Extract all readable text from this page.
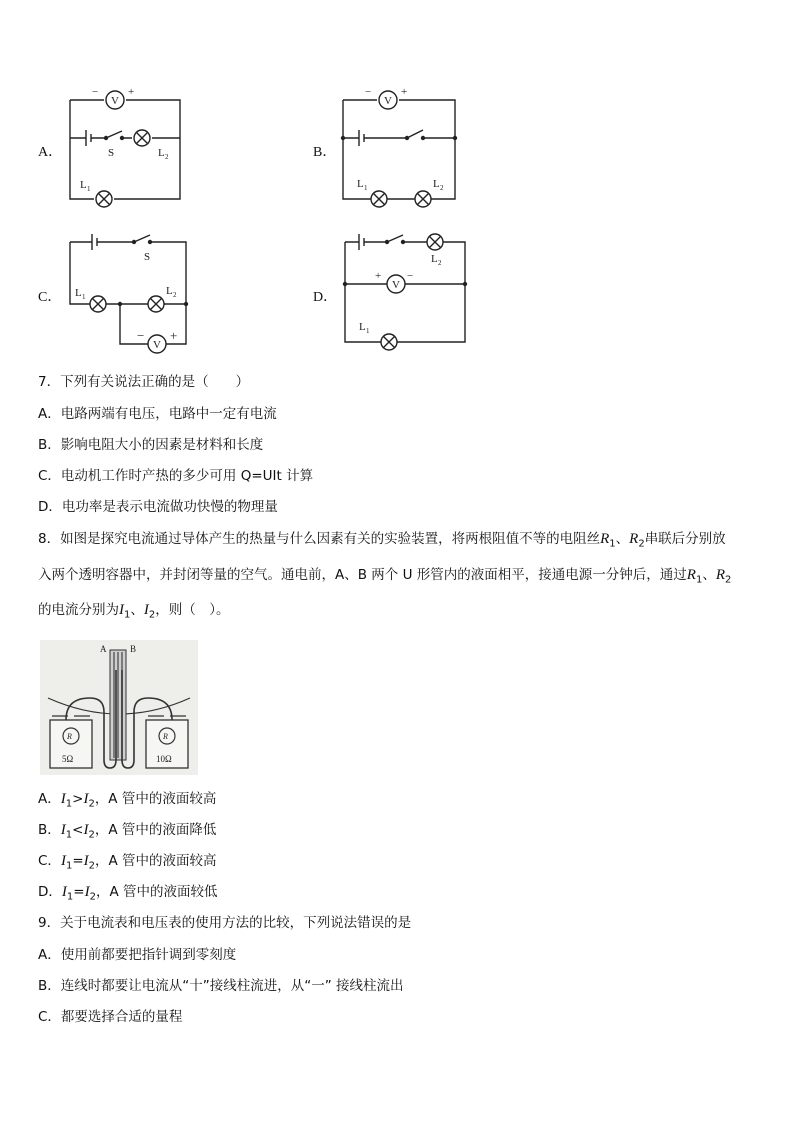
A．	B．
C．	D．
V
−	+
S	L 2
L 1
V
−	+
L 1	L 2
S
L 1	L 2
V
− +
L 2
V
+ −
L 1
7．下列有关说法正确的是（　　）
A．电路两端有电压，电路中一定有电流
B．影响电阻大小的因素是材料和长度
C．电动机工作时产热的多少可用 Q=UIt 计算
D．电功率是表示电流做功快慢的物理量
8．如图是探究电流通过导体产生的热量与什么因素有关的实验装置，将两根阻值不等的电阻丝$R_1$、$R_2$串联后分别放
入两个透明容器中，并封闭等量的空气。通电前，A、B 两个 U 形管内的液面相平，接通电源一分钟后，通过$R_1$、$R_2$
的电流分别为$I_1$、$I_2$，则（　）。
A	B
R	R
5Ω	10Ω
A．$I_1>I_2$，A 管中的液面较高
B．$I_1<I_2$，A 管中的液面降低
C．$I_1=I_2$，A 管中的液面较高
D．$I_1=I_2$，A 管中的液面较低
9．关于电流表和电压表的使用方法的比较，下列说法错误的是
A．使用前都要把指针调到零刻度
B．连线时都要让电流从“十”接线柱流进，从“一” 接线柱流出
C．都要选择合适的量程
